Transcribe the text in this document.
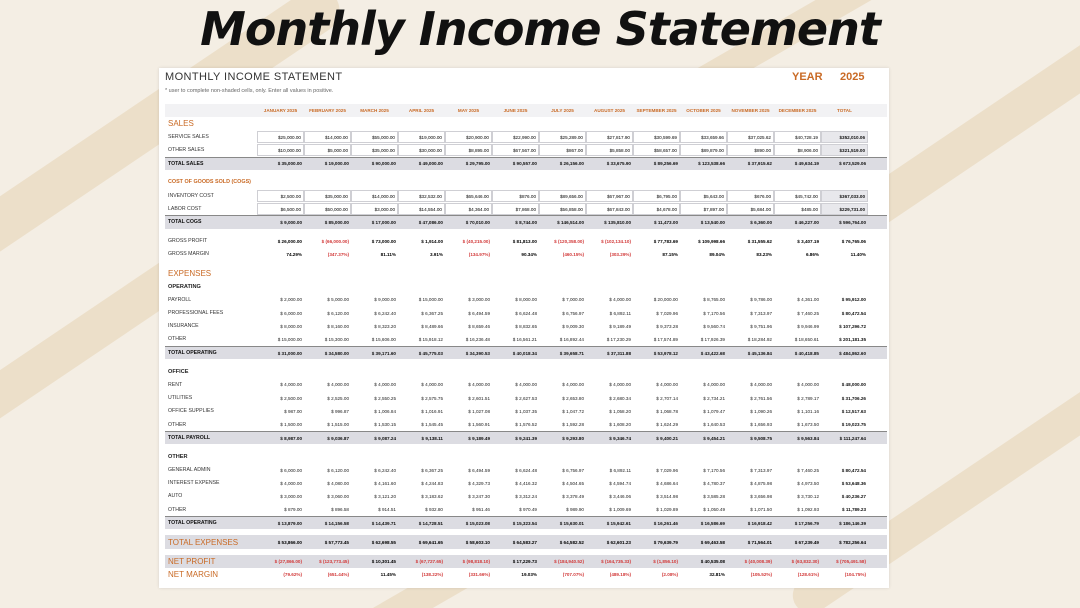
Monthly Income Statement
MONTHLY INCOME STATEMENT	YEAR 2025
* user to complete non-shaded cells, only. Enter all values in positive.
JANUARY 2025	FEBRUARY 2025	MARCH 2025	APRIL 2025	MAY 2025	JUNE 2025	JULY 2025	AUGUST 2025	SEPTEMBER 2025	OCTOBER 2025	NOVEMBER 2025	DECEMBER 2025	TOTAL
SALES
SERVICE SALES	$25,000.00	$14,000.00	$55,000.00	$19,000.00	$20,900.00	$22,990.00	$25,289.00	$27,817.90	$30,599.69	$33,659.66	$37,025.62	$40,728.19	$352,010.06
OTHER SALES	$10,000.00	$5,000.00	$35,000.00	$30,000.00	$8,895.00	$67,567.00	$867.00	$5,858.00	$58,657.00	$89,879.00	$890.00	$8,906.00	$321,519.00
TOTAL SALES	$ 35,000.00	$ 19,000.00	$ 90,000.00	$ 49,000.00	$ 29,795.00	$ 90,557.00	$ 26,156.00	$ 33,675.90	$ 89,256.69	$ 123,538.66	$ 37,915.62	$ 49,634.19	$ 673,529.06
COST OF GOODS SOLD (COGS)
INVENTORY COST	$2,500.00	$35,000.00	$14,000.00	$32,532.00	$65,646.00	$876.00	$89,656.00	$67,967.00	$6,795.00	$5,643.00	$676.00	$45,742.00	$367,033.00
LABOR COST	$6,500.00	$50,000.00	$3,000.00	$14,554.00	$4,364.00	$7,868.00	$56,858.00	$67,843.00	$4,678.00	$7,897.00	$5,684.00	$485.00	$229,731.00
TOTAL COGS	$ 9,000.00	$ 85,000.00	$ 17,000.00	$ 47,086.00	$ 70,010.00	$ 8,744.00	$ 146,514.00	$ 135,810.00	$ 11,473.00	$ 13,540.00	$ 6,360.00	$ 46,227.00	$ 596,764.00
GROSS PROFIT	$ 26,000.00	$ (66,000.00)	$ 73,000.00	$ 1,914.00	$ (40,215.00)	$ 81,813.00	$ (120,358.00)	$ (102,134.10)	$ 77,783.69	$ 109,998.66	$ 31,555.62	$ 3,407.19	$ 76,765.06
GROSS MARGIN	74.29%	(347.37%)	81.11%	3.91%	(134.97%)	90.34%	(460.15%)	(303.29%)	87.15%	89.04%	83.23%	6.86%	11.40%
EXPENSES
OPERATING
PAYROLL	$ 2,000.00	$ 5,000.00	$ 9,000.00	$ 15,000.00	$ 3,000.00	$ 8,000.00	$ 7,000.00	$ 4,000.00	$ 20,000.00	$ 8,765.00	$ 9,786.00	$ 4,361.00	$ 95,912.00
PROFESSIONAL FEES	$ 6,000.00	$ 6,120.00	$ 6,242.40	$ 6,367.25	$ 6,494.59	$ 6,624.48	$ 6,756.97	$ 6,892.11	$ 7,029.96	$ 7,170.56	$ 7,313.97	$ 7,460.25	$ 80,472.54
INSURANCE	$ 8,000.00	$ 8,160.00	$ 8,323.20	$ 8,489.66	$ 8,659.46	$ 8,832.65	$ 9,009.30	$ 9,189.49	$ 9,373.28	$ 9,560.74	$ 9,751.96	$ 9,946.99	$ 107,296.72
OTHER	$ 15,000.00	$ 15,300.00	$ 15,606.00	$ 15,918.12	$ 16,236.48	$ 16,561.21	$ 16,892.44	$ 17,230.29	$ 17,574.89	$ 17,926.39	$ 18,284.92	$ 18,650.61	$ 201,181.35
TOTAL OPERATING	$ 31,000.00	$ 34,580.00	$ 39,171.60	$ 45,775.03	$ 34,390.53	$ 40,018.34	$ 39,658.71	$ 37,311.88	$ 53,978.12	$ 43,422.68	$ 45,136.84	$ 40,418.85	$ 484,862.60
OFFICE
RENT	$ 4,000.00	$ 4,000.00	$ 4,000.00	$ 4,000.00	$ 4,000.00	$ 4,000.00	$ 4,000.00	$ 4,000.00	$ 4,000.00	$ 4,000.00	$ 4,000.00	$ 4,000.00	$ 48,000.00
UTILITIES	$ 2,500.00	$ 2,525.00	$ 2,550.25	$ 2,575.75	$ 2,601.51	$ 2,627.53	$ 2,653.80	$ 2,680.34	$ 2,707.14	$ 2,734.21	$ 2,761.56	$ 2,789.17	$ 31,706.26
OFFICE SUPPLIES	$ 987.00	$ 996.87	$ 1,006.84	$ 1,016.91	$ 1,027.08	$ 1,037.35	$ 1,047.72	$ 1,058.20	$ 1,068.78	$ 1,079.47	$ 1,090.26	$ 1,101.16	$ 12,517.63
OTHER	$ 1,500.00	$ 1,515.00	$ 1,530.15	$ 1,545.45	$ 1,560.91	$ 1,576.52	$ 1,592.28	$ 1,608.20	$ 1,624.29	$ 1,640.53	$ 1,656.93	$ 1,673.50	$ 19,023.75
TOTAL PAYROLL	$ 8,987.00	$ 9,036.87	$ 9,087.24	$ 9,138.11	$ 9,189.49	$ 9,241.39	$ 9,293.80	$ 9,346.74	$ 9,400.21	$ 9,454.21	$ 9,508.75	$ 9,563.84	$ 111,247.64
OTHER
GENERAL ADMIN	$ 6,000.00	$ 6,120.00	$ 6,242.40	$ 6,367.25	$ 6,494.59	$ 6,624.48	$ 6,756.97	$ 6,892.11	$ 7,029.96	$ 7,170.56	$ 7,313.97	$ 7,460.25	$ 80,472.54
INTEREST EXPENSE	$ 4,000.00	$ 4,080.00	$ 4,161.60	$ 4,244.83	$ 4,329.73	$ 4,416.32	$ 4,504.65	$ 4,594.74	$ 4,686.64	$ 4,780.37	$ 4,875.98	$ 4,973.50	$ 53,648.36
AUTO	$ 3,000.00	$ 3,060.00	$ 3,121.20	$ 3,183.62	$ 3,247.30	$ 3,312.24	$ 3,378.49	$ 3,446.06	$ 3,514.98	$ 3,585.28	$ 3,656.98	$ 3,730.12	$ 40,236.27
OTHER	$ 879.00	$ 896.58	$ 914.51	$ 932.80	$ 951.46	$ 970.49	$ 989.90	$ 1,009.69	$ 1,029.89	$ 1,050.49	$ 1,071.50	$ 1,092.93	$ 11,789.23
TOTAL OPERATING	$ 13,879.00	$ 14,156.58	$ 14,439.71	$ 14,728.51	$ 15,023.08	$ 15,323.54	$ 15,630.01	$ 15,942.61	$ 16,261.46	$ 16,586.69	$ 16,918.42	$ 17,256.79	$ 186,146.39
TOTAL EXPENSES	$ 53,866.00	$ 57,773.45	$ 62,698.55	$ 69,641.65	$ 58,603.10	$ 64,583.27	$ 64,582.52	$ 62,601.23	$ 79,639.79	$ 69,463.58	$ 71,564.01	$ 67,239.49	$ 782,256.64
NET PROFIT	$ (27,866.00)	$ (123,773.45)	$ 10,301.45	$ (67,727.65)	$ (98,818.10)	$ 17,229.73	$ (184,940.52)	$ (164,735.33)	$ (1,856.10)	$ 40,535.08	$ (40,008.39)	$ (63,832.30)	$ (705,491.58)
NET MARGIN	(79.62%)	(651.44%)	11.45%	(138.22%)	(331.66%)	19.03%	(707.07%)	(489.18%)	(2.08%)	32.81%	(105.52%)	(128.61%)	(104.75%)
